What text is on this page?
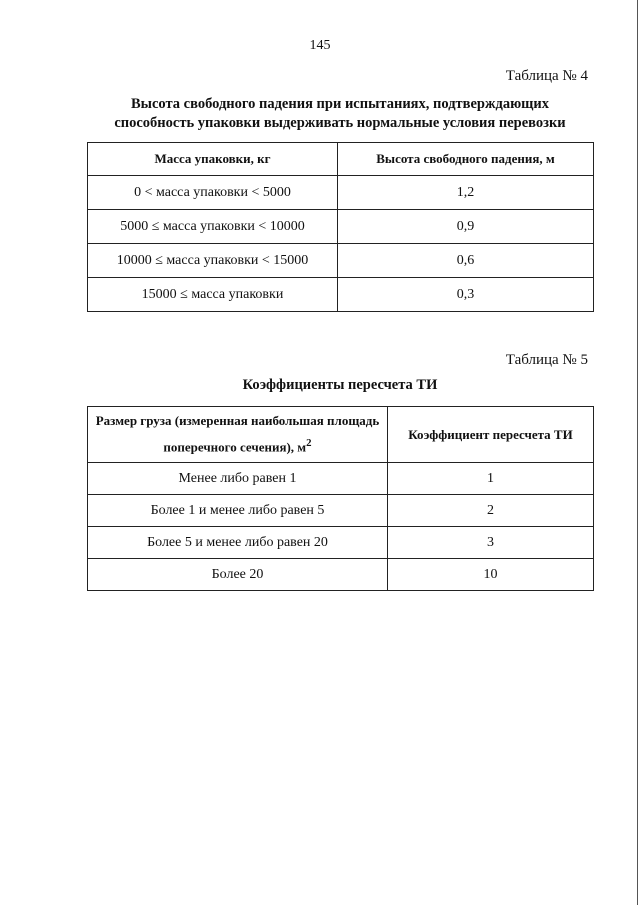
145
Таблица № 4
Высота свободного падения при испытаниях, подтверждающих
способность упаковки выдерживать нормальные условия перевозки
Масса упаковки, кг	Высота свободного падения, м
0 < масса упаковки < 5000	1,2
5000 ≤ масса упаковки < 10000	0,9
10000 ≤ масса упаковки < 15000	0,6
15000 ≤ масса упаковки	0,3
Таблица № 5
Коэффициенты пересчета ТИ
Размер груза (измеренная наибольшая площадь
поперечного сечения), $м^2$	Коэффициент пересчета ТИ
Менее либо равен 1	1
Более 1 и менее либо равен 5	2
Более 5 и менее либо равен 20	3
Более 20	10
